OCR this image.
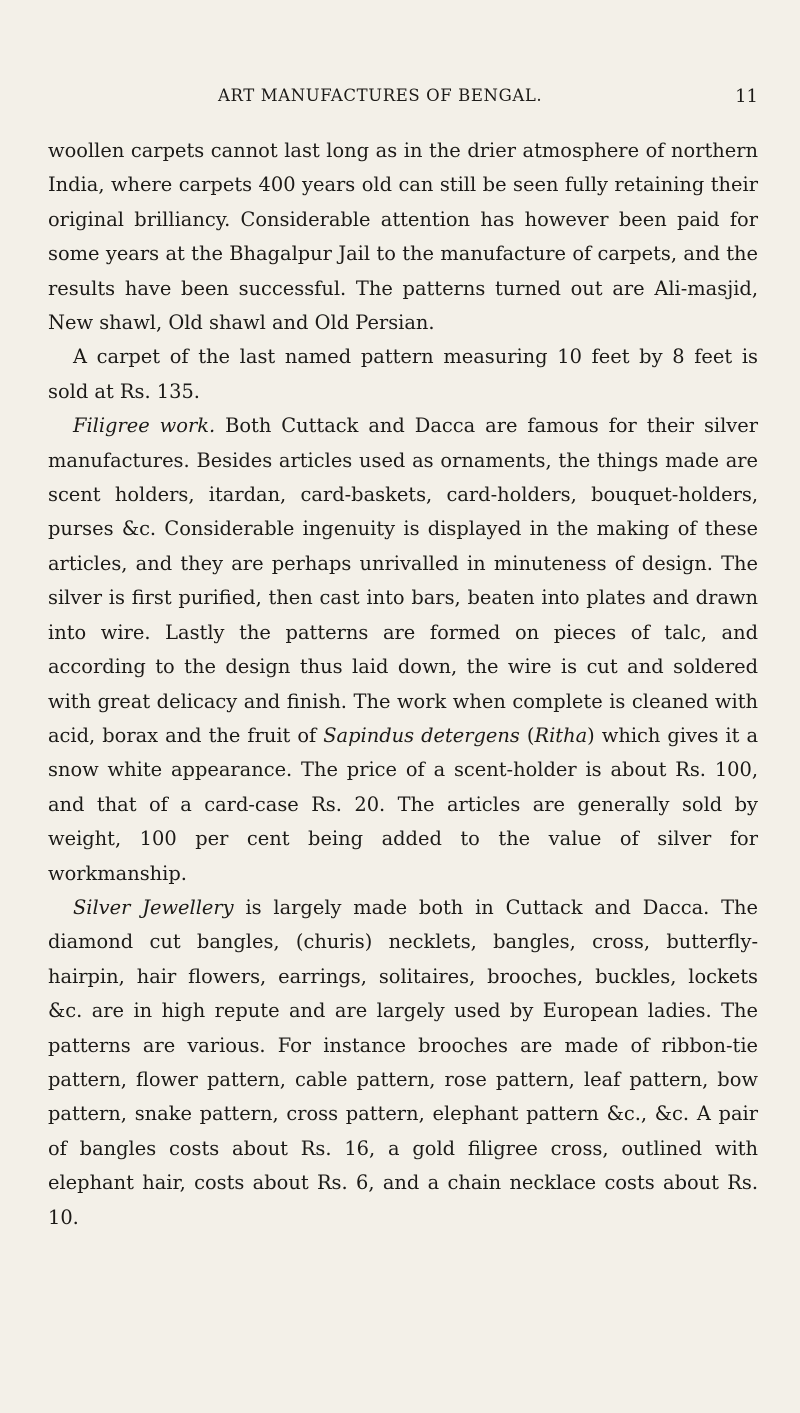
ART MANUFACTURES OF BENGAL.	11

woollen carpets cannot last long as in the drier atmosphere of northern India, where carpets 400 years old can still be seen fully retaining their original brilliancy. Considerable attention has however been paid for some years at the Bhagalpur Jail to the manufacture of carpets, and the results have been successful. The patterns turned out are Ali-masjid, New shawl, Old shawl and Old Persian.

A carpet of the last named pattern measuring 10 feet by 8 feet is sold at Rs. 135.

Filigree work. Both Cuttack and Dacca are famous for their silver manufactures. Besides articles used as ornaments, the things made are scent holders, itardan, card-baskets, card-holders, bouquet-holders, purses &c. Considerable ingenuity is displayed in the making of these articles, and they are perhaps unrivalled in minuteness of design. The silver is first purified, then cast into bars, beaten into plates and drawn into wire. Lastly the patterns are formed on pieces of talc, and according to the design thus laid down, the wire is cut and soldered with great delicacy and finish. The work when complete is cleaned with acid, borax and the fruit of Sapindus detergens (Ritha) which gives it a snow white appearance. The price of a scent-holder is about Rs. 100, and that of a card-case Rs. 20. The articles are generally sold by weight, 100 per cent being added to the value of silver for workmanship.

Silver Jewellery is largely made both in Cuttack and Dacca. The diamond cut bangles, (churis) necklets, bangles, cross, butterfly-hairpin, hair flowers, earrings, solitaires, brooches, buckles, lockets &c. are in high repute and are largely used by European ladies. The patterns are various. For instance brooches are made of ribbon-tie pattern, flower pattern, cable pattern, rose pattern, leaf pattern, bow pattern, snake pattern, cross pattern, elephant pattern &c., &c. A pair of bangles costs about Rs. 16, a gold filigree cross, outlined with elephant hair, costs about Rs. 6, and a chain necklace costs about Rs. 10.
